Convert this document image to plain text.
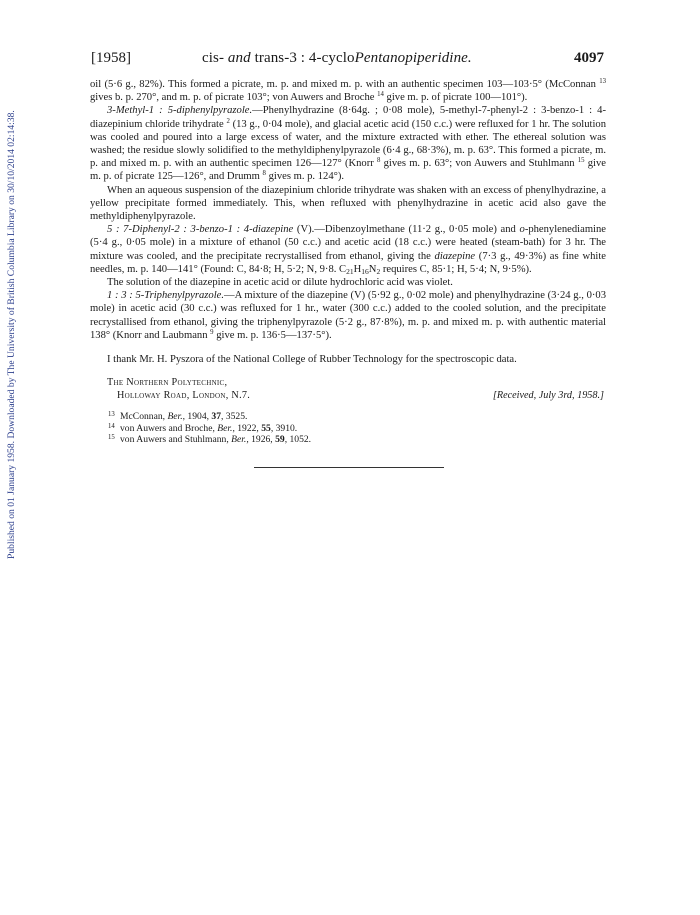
Published on 01 January 1958. Downloaded by The University of British Columbia Library on 30/10/2014 02:14:38.
[1958]	cis- and trans-3 : 4-cycloPentanopiperidine.	4097

oil (5·6 g., 82%). This formed a picrate, m. p. and mixed m. p. with an authentic specimen 103—103·5° (McConnan $^{13}$ gives b. p. 270°, and m. p. of picrate 103°; von Auwers and Broche $^{14}$ give m. p. of picrate 100—101°).

3-Methyl-1 : 5-diphenylpyrazole.—Phenylhydrazine (8·64g. ; 0·08 mole), 5-methyl-7-phenyl-2 : 3-benzo-1 : 4-diazepinium chloride trihydrate $^2$ (13 g., 0·04 mole), and glacial acetic acid (150 c.c.) were refluxed for 1 hr. The solution was cooled and poured into a large excess of water, and the mixture extracted with ether. The ethereal solution was washed; the residue slowly solidified to the methyldiphenylpyrazole (6·4 g., 68·3%), m. p. 63°. This formed a picrate, m. p. and mixed m. p. with an authentic specimen 126—127° (Knorr $^8$ gives m. p. 63°; von Auwers and Stuhlmann $^{15}$ give m. p. of picrate 125—126°, and Drumm $^8$ gives m. p. 124°).

When an aqueous suspension of the diazepinium chloride trihydrate was shaken with an excess of phenylhydrazine, a yellow precipitate formed immediately. This, when refluxed with phenylhydrazine in acetic acid also gave the methyldiphenylpyrazole.

5 : 7-Diphenyl-2 : 3-benzo-1 : 4-diazepine (V).—Dibenzoylmethane (11·2 g., 0·05 mole) and o-phenylenediamine (5·4 g., 0·05 mole) in a mixture of ethanol (50 c.c.) and acetic acid (18 c.c.) were heated (steam-bath) for 3 hr. The mixture was cooled, and the precipitate recrystallised from ethanol, giving the diazepine (7·3 g., 49·3%) as fine white needles, m. p. 140—141° (Found: C, 84·8; H, 5·2; N, 9·8. $C_{21}H_{16}N_2$ requires C, 85·1; H, 5·4; N, 9·5%).

The solution of the diazepine in acetic acid or dilute hydrochloric acid was violet.

1 : 3 : 5-Triphenylpyrazole.—A mixture of the diazepine (V) (5·92 g., 0·02 mole) and phenylhydrazine (3·24 g., 0·03 mole) in acetic acid (30 c.c.) was refluxed for 1 hr., water (300 c.c.) added to the cooled solution, and the precipitate recrystallised from ethanol, giving the triphenylpyrazole (5·2 g., 87·8%), m. p. and mixed m. p. with authentic material 138° (Knorr and Laubmann $^9$ give m. p. 136·5—137·5°).

I thank Mr. H. Pyszora of the National College of Rubber Technology for the spectroscopic data.

The Northern Polytechnic,
Holloway Road, London, N.7.	[Received, July 3rd, 1958.]
13 McConnan, Ber., 1904, 37, 3525.
14 von Auwers and Broche, Ber., 1922, 55, 3910.
15 von Auwers and Stuhlmann, Ber., 1926, 59, 1052.
